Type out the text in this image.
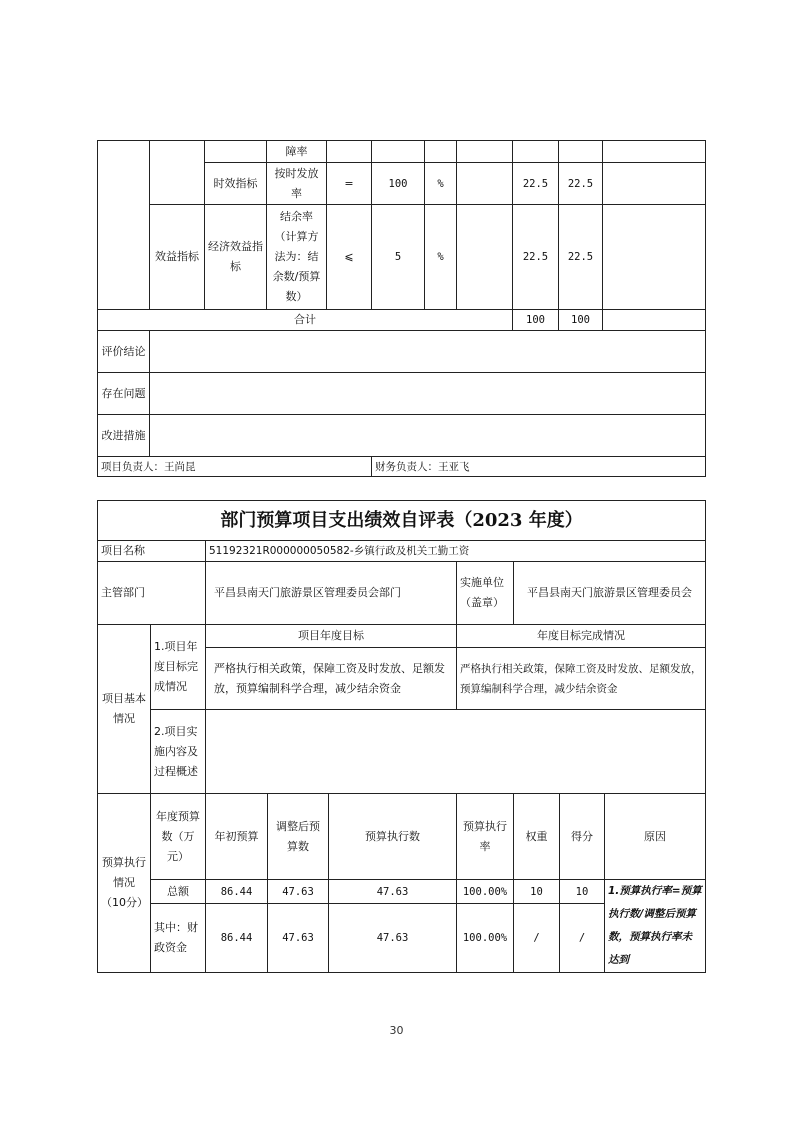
			障率							
		时效指标	按时发放率	=	100	%		22.5	22.5	
	效益指标	经济效益指标	结余率（计算方法为：结余数/预算数）	⩽	5	%		22.5	22.5	
合计								100	100	
评价结论										
存在问题										
改进措施										
项目负责人：王尚昆					财务负责人：王亚飞					
部门预算项目支出绩效自评表（2023 年度）								
项目名称		51192321R000000050582-乡镇行政及机关工勤工资						
主管部门		平昌县南天门旅游景区管理委员会部门			实施单位（盖章）	平昌县南天门旅游景区管理委员会		
项目基本情况	1.项目年度目标完成情况	项目年度目标			年度目标完成情况			
		严格执行相关政策，保障工资及时发放、足额发放，预算编制科学合理，减少结余资金			严格执行相关政策，保障工资及时发放、足额发放，预算编制科学合理，减少结余资金			
	2.项目实施内容及过程概述							
预算执行情况（10分）	年度预算数（万元）	年初预算	调整后预算数	预算执行数	预算执行率	权重	得分	原因
	总额	86.44	47.63	47.63	100.00%	10	10	1.预算执行率=预算执行数/调整后预算数，预算执行率未达到
	其中：财政资金	86.44	47.63	47.63	100.00%	/	/	
30
